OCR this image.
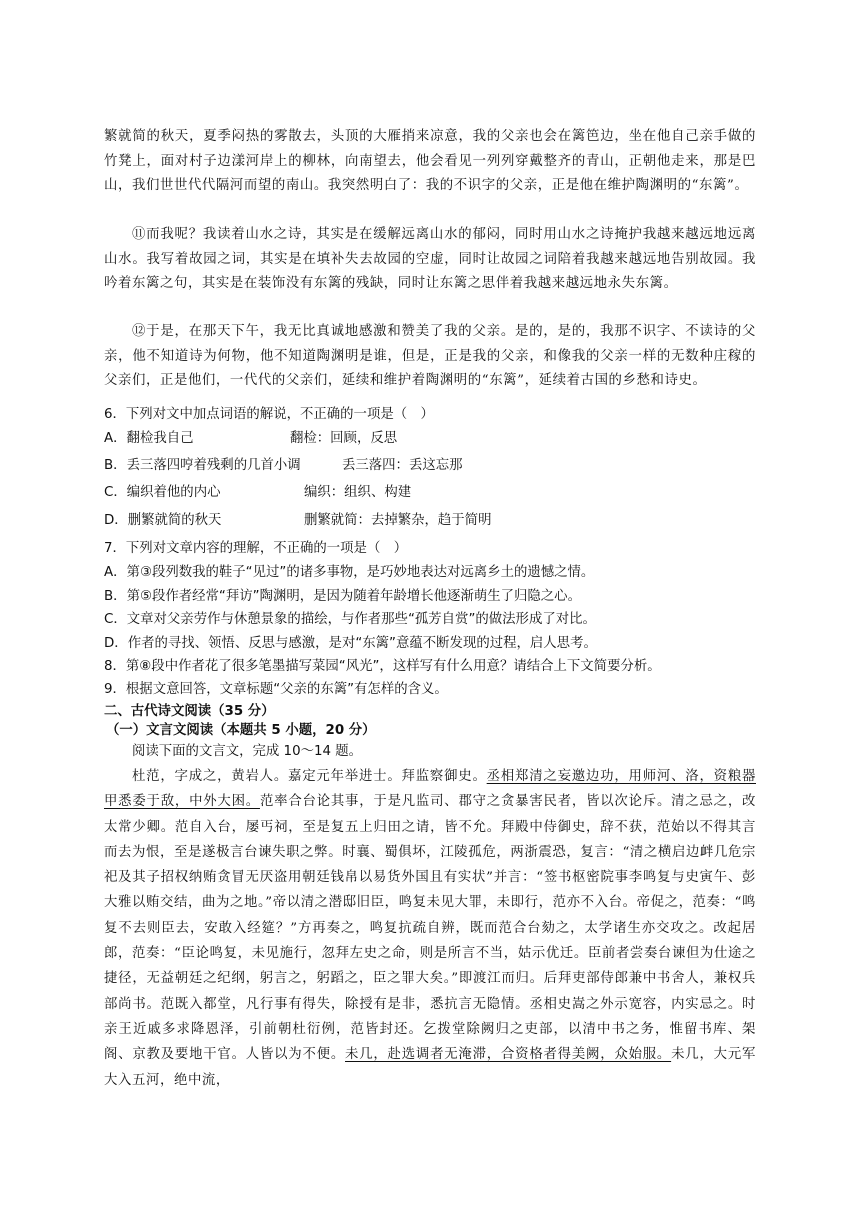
繁就简的秋天，夏季闷热的雾散去，头顶的大雁捎来凉意，我的父亲也会在篱笆边，坐在他自己亲手做的竹凳上，面对村子边漾河岸上的柳林，向南望去，他会看见一列列穿戴整齐的青山，正朝他走来，那是巴山，我们世世代代隔河而望的南山。我突然明白了：我的不识字的父亲，正是他在维护陶渊明的“东篱”。

⑪而我呢？我读着山水之诗，其实是在缓解远离山水的郁闷，同时用山水之诗掩护我越来越远地远离山水。我写着故园之词，其实是在填补失去故园的空虚，同时让故园之词陪着我越来越远地告别故园。我吟着东篱之句，其实是在装饰没有东篱的残缺，同时让东篱之思伴着我越来越远地永失东篱。

⑫于是，在那天下午，我无比真诚地感激和赞美了我的父亲。是的，是的，我那不识字、不读诗的父亲，他不知道诗为何物，他不知道陶渊明是谁，但是，正是我的父亲，和像我的父亲一样的无数种庄稼的父亲们，正是他们，一代代的父亲们，延续和维护着陶渊明的“东篱”，延续着古国的乡愁和诗史。

6．下列对文中加点词语的解说，不正确的一项是（　）

A．翻检我自己	翻检：回顾，反思

B．丢三落四哼着残剩的几首小调	丢三落四：丢这忘那

C．编织着他的内心	编织：组织、构建

D．删繁就简的秋天	删繁就简：去掉繁杂，趋于简明

7．下列对文章内容的理解，不正确的一项是（　）

A．第③段列数我的鞋子“见过”的诸多事物，是巧妙地表达对远离乡土的遗憾之情。

B．第⑤段作者经常“拜访”陶渊明，是因为随着年龄增长他逐渐萌生了归隐之心。

C．文章对父亲劳作与休憩景象的描绘，与作者那些“孤芳自赏”的做法形成了对比。

D．作者的寻找、领悟、反思与感激，是对“东篱”意蕴不断发现的过程，启人思考。

8．第⑧段中作者花了很多笔墨描写菜园“风光”，这样写有什么用意？请结合上下文简要分析。

9．根据文意回答，文章标题“父亲的东篱”有怎样的含义。

二、古代诗文阅读（35 分）

（一）文言文阅读（本题共 5 小题，20 分）

阅读下面的文言文，完成 10～14 题。

杜范，字成之，黄岩人。嘉定元年举进士。拜监察御史。丞相郑清之妄邀边功，用师河、洛，资粮器甲悉委于敌，中外大困。范率合台论其事，于是凡监司、郡守之贪暴害民者，皆以次论斥。清之忌之，改太常少卿。范自入台，屡丐祠，至是复五上归田之请，皆不允。拜殿中侍御史，辞不获，范始以不得其言而去为恨，至是遂极言台谏失职之弊。时襄、蜀俱坏，江陵孤危，两浙震恐，复言：“清之横启边衅几危宗祀及其子招权纳贿贪冒无厌盗用朝廷钱帛以易货外国且有实状”并言：“签书枢密院事李鸣复与史寅午、彭大雅以贿交结，曲为之地。”帝以清之潜邸旧臣，鸣复未见大罪，未即行，范亦不入台。帝促之，范奏：“鸣复不去则臣去，安敢入经筵？”方再奏之，鸣复抗疏自辨，既而范合台劾之，太学诸生亦交攻之。改起居郎，范奏：“臣论鸣复，未见施行，忽拜左史之命，则是所言不当，姑示优迁。臣前者尝奏台谏但为仕途之捷径，无益朝廷之纪纲，躬言之，躬蹈之，臣之罪大矣。”即渡江而归。后拜吏部侍郎兼中书舍人，兼权兵部尚书。范既入都堂，凡行事有得失，除授有是非，悉抗言无隐情。丞相史嵩之外示宽容，内实忌之。时亲王近戚多求降恩泽，引前朝杜衍例，范皆封还。乞拨堂除阙归之吏部，以清中书之务，惟留书库、架阁、京教及要地干官。人皆以为不便。未几，赴选调者无淹滞，合资格者得美阙，众始服。未几，大元军大入五河，绝中流，
